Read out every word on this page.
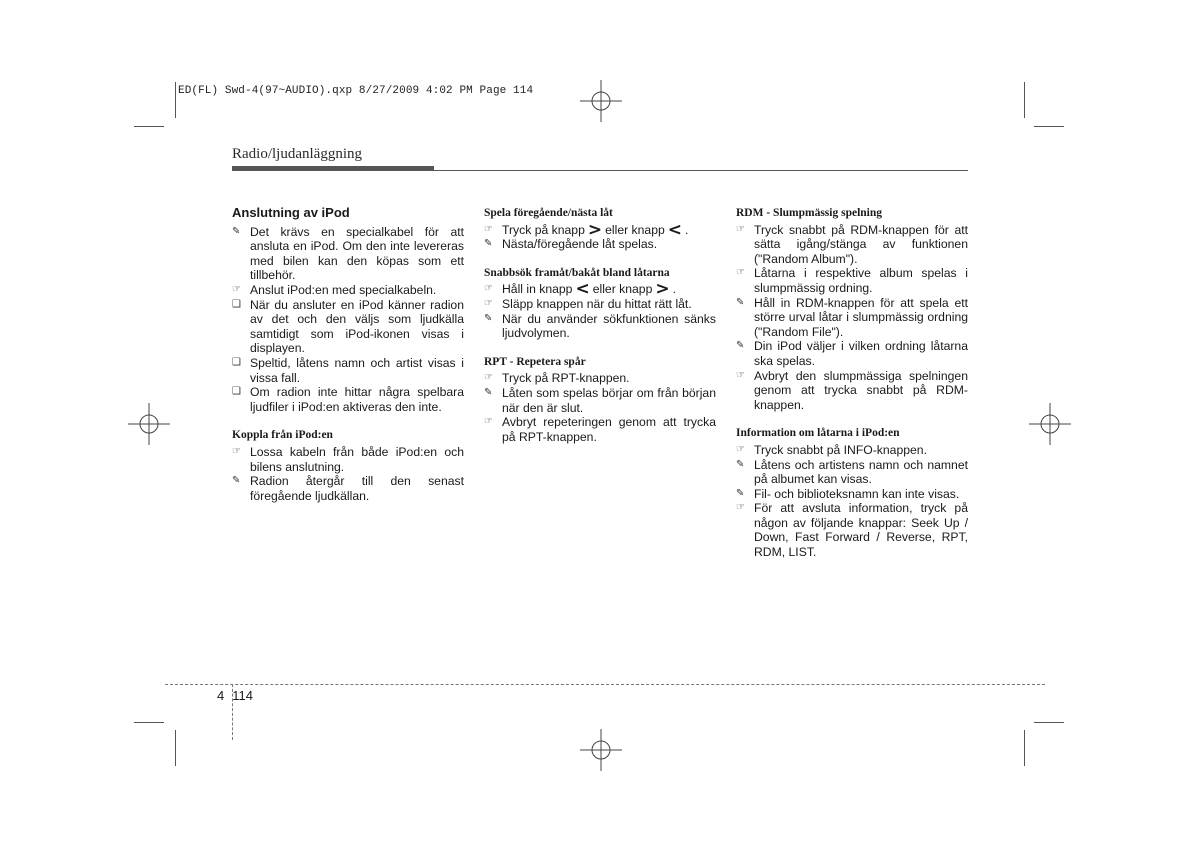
ED(FL) Swd-4(97~AUDIO).qxp 8/27/2009 4:02 PM Page 114
Radio/ljudanläggning
Anslutning av iPod
✎ Det krävs en specialkabel för att ansluta en iPod. Om den inte levereras med bilen kan den köpas som ett tillbehör.
☞ Anslut iPod:en med specialkabeln.
❑ När du ansluter en iPod känner radion av det och den väljs som ljudkälla samtidigt som iPod-ikonen visas i displayen.
❑ Speltid, låtens namn och artist visas i vissa fall.
❑ Om radion inte hittar några spelbara ljudfiler i iPod:en aktiveras den inte.
Koppla från iPod:en
☞ Lossa kabeln från både iPod:en och bilens anslutning.
✎ Radion återgår till den senast föregående ljudkällan.
Spela föregående/nästa låt
☞ Tryck på knapp > eller knapp < .
✎ Nästa/föregående låt spelas.
Snabbsök framåt/bakåt bland låtarna
☞ Håll in knapp < eller knapp > .
☞ Släpp knappen när du hittat rätt låt.
✎ När du använder sökfunktionen sänks ljudvolymen.
RPT - Repetera spår
☞ Tryck på RPT-knappen.
✎ Låten som spelas börjar om från början när den är slut.
☞ Avbryt repeteringen genom att trycka på RPT-knappen.
RDM - Slumpmässig spelning
☞ Tryck snabbt på RDM-knappen för att sätta igång/stänga av funktionen ("Random Album").
☞ Låtarna i respektive album spelas i slumpmässig ordning.
✎ Håll in RDM-knappen för att spela ett större urval låtar i slumpmässig ordning ("Random File").
✎ Din iPod väljer i vilken ordning låtarna ska spelas.
☞ Avbryt den slumpmässiga spelningen genom att trycka snabbt på RDM-knappen.
Information om låtarna i iPod:en
☞ Tryck snabbt på INFO-knappen.
✎ Låtens och artistens namn och namnet på albumet kan visas.
✎ Fil- och biblioteksnamn kan inte visas.
☞ För att avsluta information, tryck på någon av följande knappar: Seek Up / Down, Fast Forward / Reverse, RPT, RDM, LIST.
4 114
